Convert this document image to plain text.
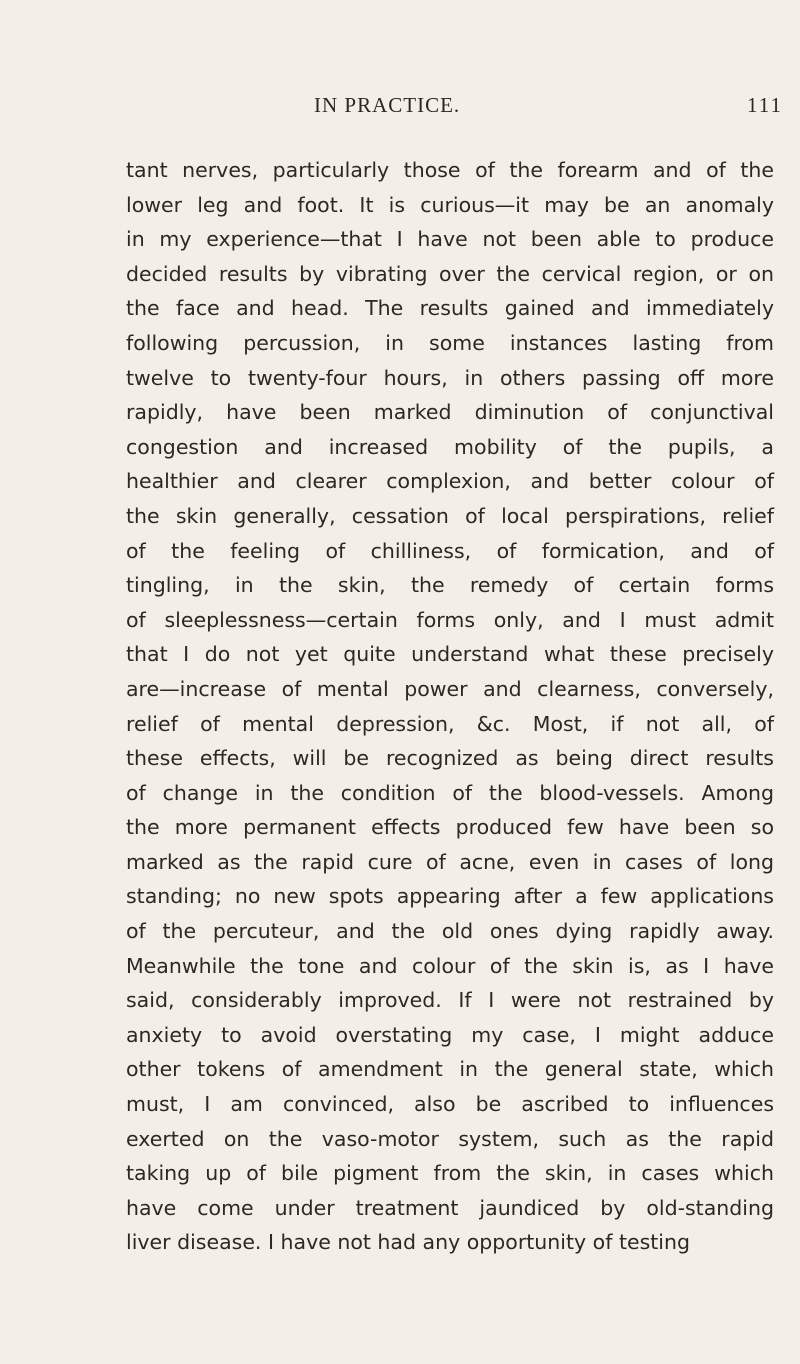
IN PRACTICE.	111
tant nerves, particularly those of the forearm and of the
lower leg and foot. It is curious—it may be an anomaly
in my experience—that I have not been able to produce
decided results by vibrating over the cervical region, or on
the face and head. The results gained and immediately
following percussion, in some instances lasting from
twelve to twenty-four hours, in others passing off more
rapidly, have been marked diminution of conjunctival
congestion and increased mobility of the pupils, a
healthier and clearer complexion, and better colour of
the skin generally, cessation of local perspirations, relief
of the feeling of chilliness, of formication, and of
tingling, in the skin, the remedy of certain forms
of sleeplessness—certain forms only, and I must admit
that I do not yet quite understand what these precisely
are—increase of mental power and clearness, conversely,
relief of mental depression, &c. Most, if not all, of
these effects, will be recognized as being direct results
of change in the condition of the blood-vessels. Among
the more permanent effects produced few have been so
marked as the rapid cure of acne, even in cases of long
standing; no new spots appearing after a few applications
of the percuteur, and the old ones dying rapidly away.
Meanwhile the tone and colour of the skin is, as I have
said, considerably improved. If I were not restrained by
anxiety to avoid overstating my case, I might adduce
other tokens of amendment in the general state, which
must, I am convinced, also be ascribed to influences
exerted on the vaso-motor system, such as the rapid
taking up of bile pigment from the skin, in cases which
have come under treatment jaundiced by old-standing
liver disease. I have not had any opportunity of testing
